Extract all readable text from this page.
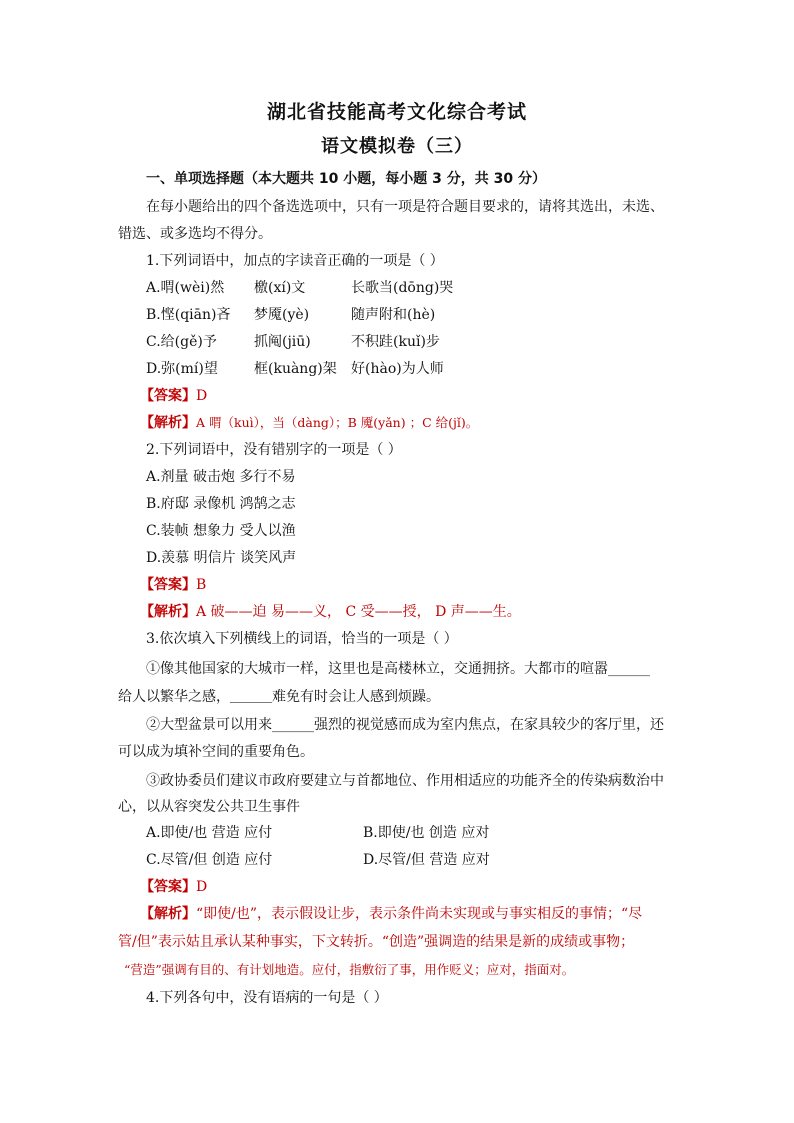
湖北省技能高考文化综合考试
语文模拟卷（三）
一、单项选择题（本大题共 10 小题，每小题 3 分，共 30 分）
在每小题给出的四个备选选项中，只有一项是符合题目要求的，请将其选出，未选、
错选、或多选均不得分。
1.下列词语中，加点的字读音正确的一项是（ ）
A.喟(wèi)然 檄(xí)文	长歌当(dōng)哭
B.悭(qiān)吝 梦魇(yè)	随声附和(hè)
C.给(gě)予	抓阄(jiū)	不积跬(kuǐ)步
D.弥(mí)望	框(kuàng)架 好(hào)为人师
【答案】D
【解析】A 喟（kuì），当（dàng）；B 魇(yǎn) ；C 给(jǐ)。
2.下列词语中，没有错别字的一项是（ ）
A.剂量 破击炮 多行不易
B.府邸 录像机 鸿鹄之志
C.装帧 想象力 受人以渔
D.羡慕 明信片 谈笑风声
【答案】B
【解析】A 破——迫 易——义， C 受——授， D 声——生。
3.依次填入下列横线上的词语，恰当的一项是（ ）
①像其他国家的大城市一样，这里也是高楼林立，交通拥挤。大都市的喧嚣______
给人以繁华之感，＿＿＿难免有时会让人感到烦躁。
②大型盆景可以用来______强烈的视觉感而成为室内焦点，在家具较少的客厅里，还
可以成为填补空间的重要角色。
③政协委员们建议市政府要建立与首都地位、作用相适应的功能齐全的传染病数治中
心，以从容突发公共卫生事件
A.即使/也 营造 应付	B.即使/也 创造 应对
C.尽管/但 创造 应付	D.尽管/但 营造 应对
【答案】D
【解析】“即使/也”，表示假设让步，表示条件尚未实现或与事实相反的事情；“尽
管/但”表示姑且承认某种事实，下文转折。“创造”强调造的结果是新的成绩或事物；
“营造”强调有目的、有计划地造。应付，指敷衍了事，用作贬义；应对，指面对。
4.下列各句中，没有语病的一句是（ ）
